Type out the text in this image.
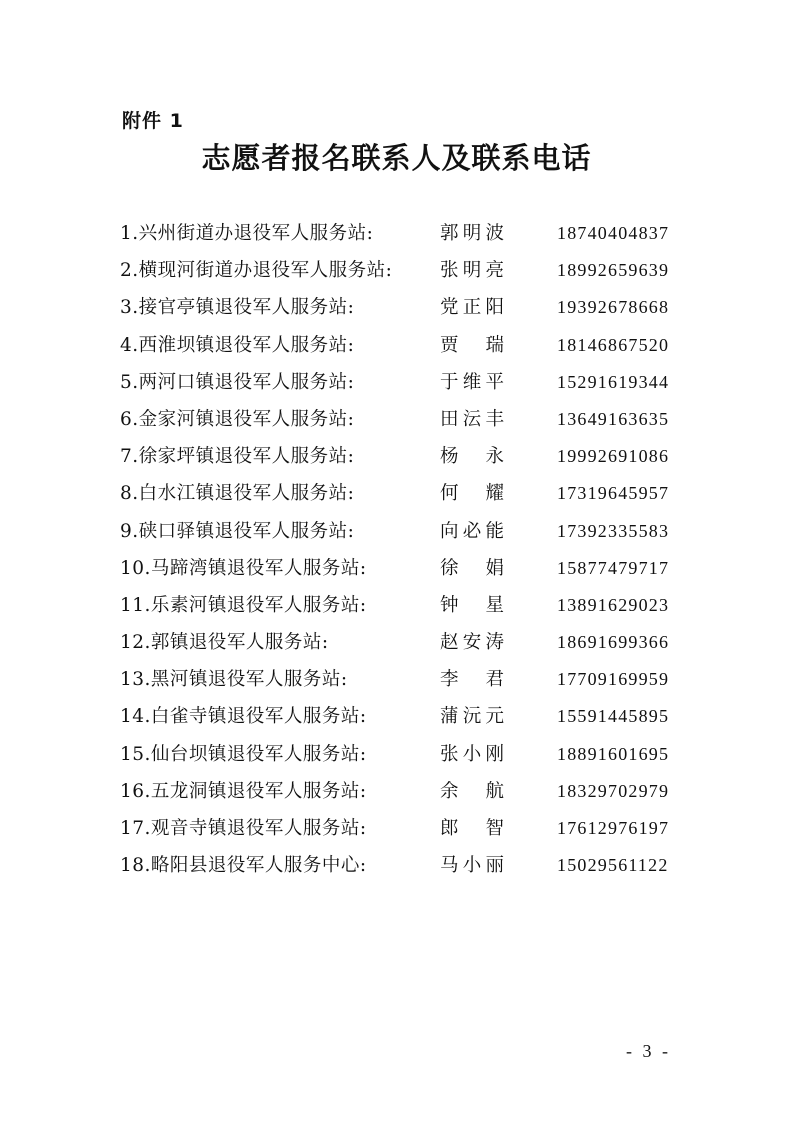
附件 1
志愿者报名联系人及联系电话
1.兴州街道办退役军人服务站:	郭明波	18740404837
2.横现河街道办退役军人服务站:	张明亮	18992659639
3.接官亭镇退役军人服务站:	党正阳	19392678668
4.西淮坝镇退役军人服务站:	贾　瑞	18146867520
5.两河口镇退役军人服务站:	于维平	15291619344
6.金家河镇退役军人服务站:	田沄丰	13649163635
7.徐家坪镇退役军人服务站:	杨　永	19992691086
8.白水江镇退役军人服务站:	何　耀	17319645957
9.硖口驿镇退役军人服务站:	向必能	17392335583
10.马蹄湾镇退役军人服务站:	徐　娟	15877479717
11.乐素河镇退役军人服务站:	钟　星	13891629023
12.郭镇退役军人服务站:	赵安涛	18691699366
13.黑河镇退役军人服务站:	李　君	17709169959
14.白雀寺镇退役军人服务站:	蒲沅元	15591445895
15.仙台坝镇退役军人服务站:	张小刚	18891601695
16.五龙洞镇退役军人服务站:	余　航	18329702979
17.观音寺镇退役军人服务站:	郎　智	17612976197
18.略阳县退役军人服务中心:	马小丽	15029561122
- 3 -
